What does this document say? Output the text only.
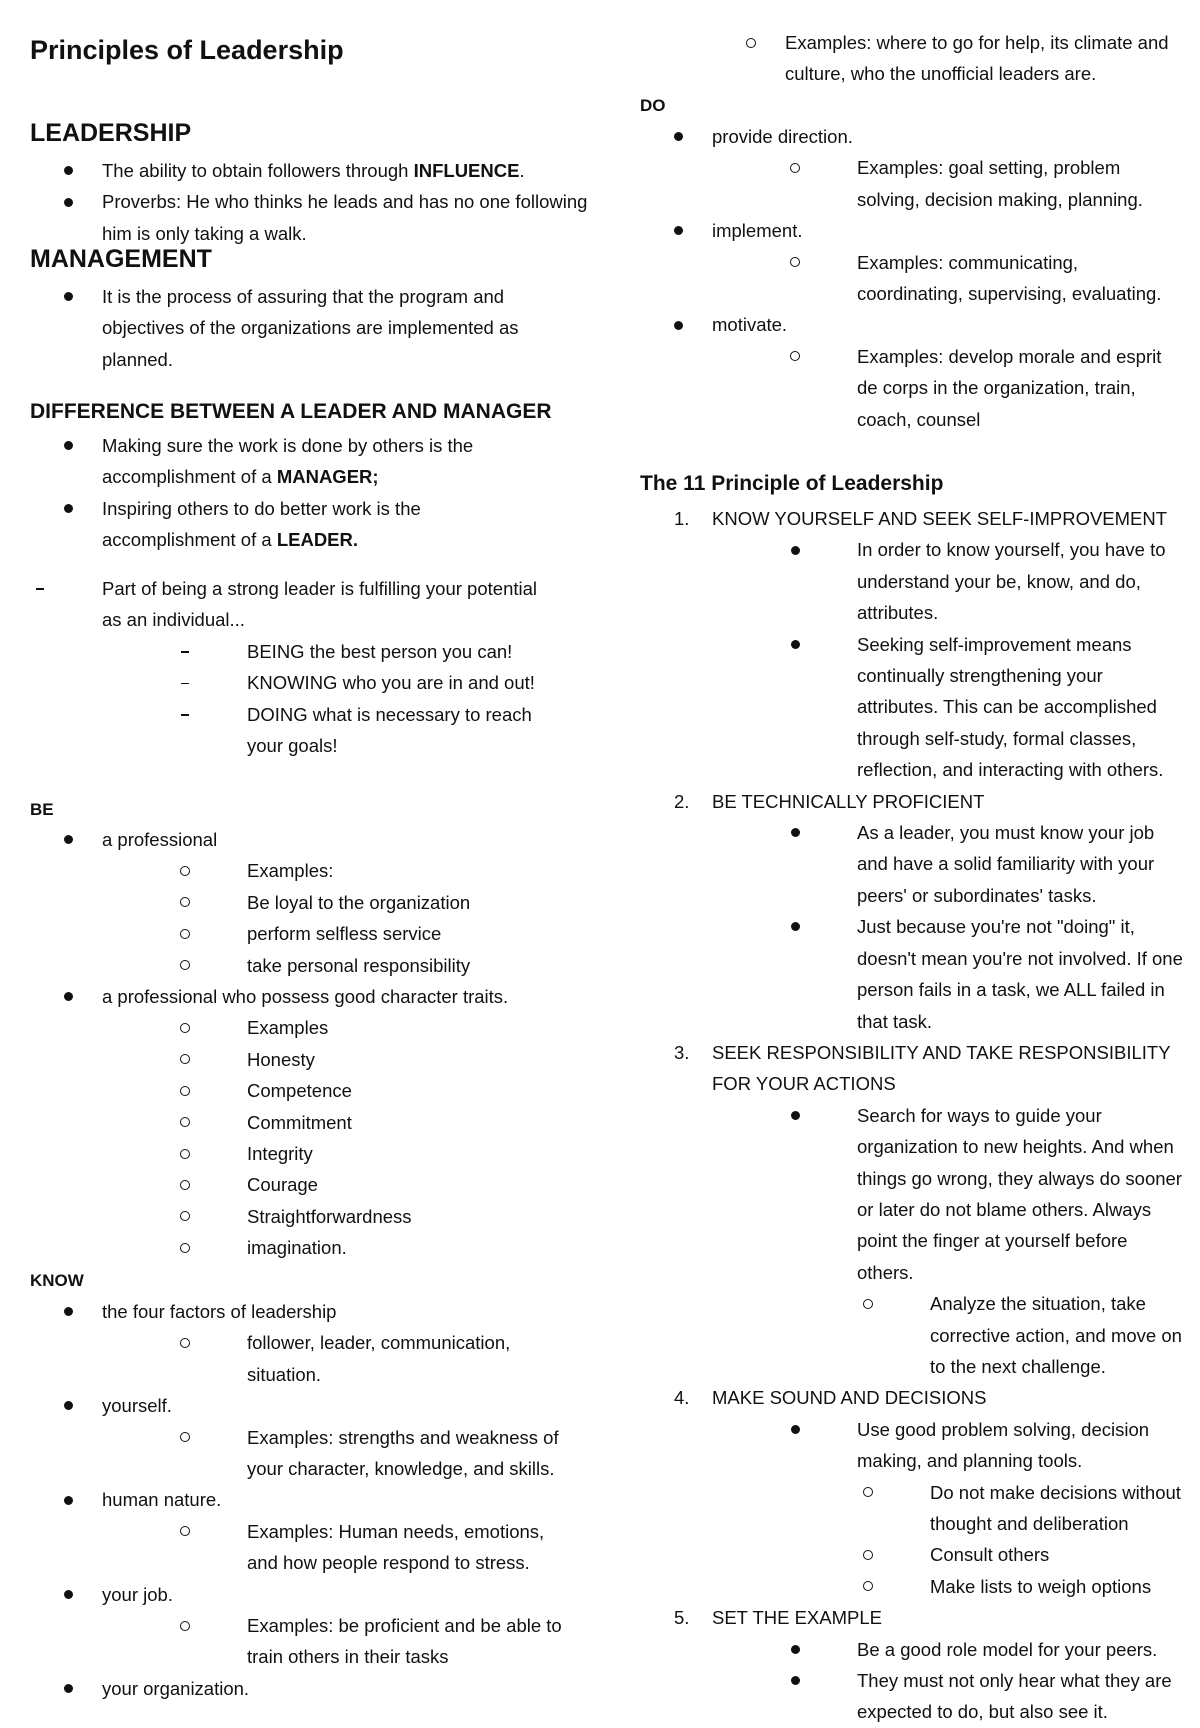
Principles of Leadership
LEADERSHIP
The ability to obtain followers through INFLUENCE.
Proverbs: He who thinks he leads and has no one following him is only taking a walk.
MANAGEMENT
It is the process of assuring that the program and objectives of the organizations are implemented as planned.
DIFFERENCE BETWEEN A LEADER AND MANAGER
Making sure the work is done by others is the accomplishment of a MANAGER;
Inspiring others to do better work is the accomplishment of a LEADER.
Part of being a strong leader is fulfilling your potential as an individual...
BEING the best person you can!
KNOWING who you are in and out!
DOING what is necessary to reach your goals!
BE
a professional
Examples:
Be loyal to the organization
perform selfless service
take personal responsibility
a professional who possess good character traits.
Examples
Honesty
Competence
Commitment
Integrity
Courage
Straightforwardness
imagination.
KNOW
the four factors of leadership
follower, leader, communication, situation.
yourself.
Examples: strengths and weakness of your character, knowledge, and skills.
human nature.
Examples: Human needs, emotions, and how people respond to stress.
your job.
Examples: be proficient and be able to train others in their tasks
your organization.
Examples: where to go for help, its climate and culture, who the unofficial leaders are.
DO
provide direction.
Examples: goal setting, problem solving, decision making, planning.
implement.
Examples: communicating, coordinating, supervising, evaluating.
motivate.
Examples: develop morale and esprit de corps in the organization, train, coach, counsel
The 11 Principle of Leadership
1.	KNOW YOURSELF AND SEEK SELF-IMPROVEMENT
In order to know yourself, you have to understand your be, know, and do, attributes.
Seeking self-improvement means continually strengthening your attributes. This can be accomplished through self-study, formal classes, reflection, and interacting with others.
2.	BE TECHNICALLY PROFICIENT
As a leader, you must know your job and have a solid familiarity with your peers' or subordinates' tasks.
Just because you're not "doing" it, doesn't mean you're not involved. If one person fails in a task, we ALL failed in that task.
3.	SEEK RESPONSIBILITY AND TAKE RESPONSIBILITY FOR YOUR ACTIONS
Search for ways to guide your organization to new heights. And when things go wrong, they always do sooner or later do not blame others. Always point the finger at yourself before others.
Analyze the situation, take corrective action, and move on to the next challenge.
4.	MAKE SOUND AND DECISIONS
Use good problem solving, decision making, and planning tools.
Do not make decisions without thought and deliberation
Consult others
Make lists to weigh options
5.	SET THE EXAMPLE
Be a good role model for your peers.
They must not only hear what they are expected to do, but also see it.
